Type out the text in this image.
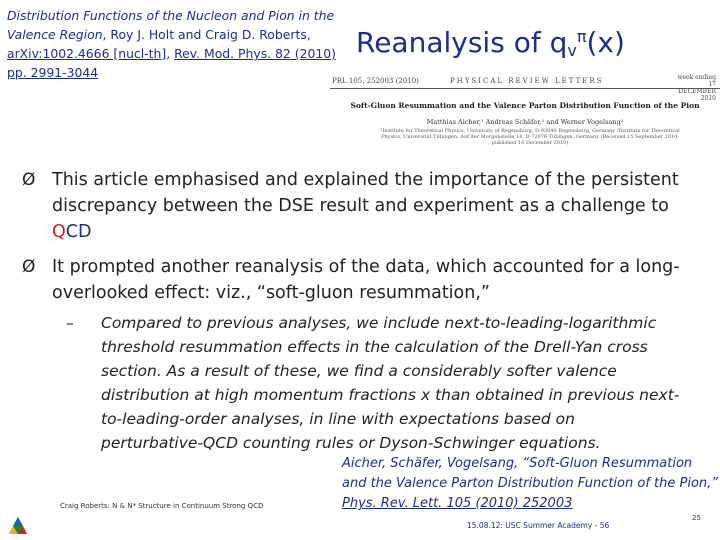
Distribution Functions of the Nucleon and Pion in the Valence Region, Roy J. Holt and Craig D. Roberts, arXiv:1002.4666 [nucl-th], Rev. Mod. Phys. 82 (2010) pp. 2991-3044
Reanalysis of $q_v^\pi(x)$
PRL 105, 252003 (2010)	PHYSICAL REVIEW LETTERS	week ending 17 DECEMBER 2010
Soft-Gluon Resummation and the Valence Parton Distribution Function of the Pion
Matthias Aicher,¹ Andreas Schäfer,¹ and Werner Vogelsang²
¹Institute for Theoretical Physics, University of Regensburg, D-93040 Regensburg, Germany ²Institute for Theoretical Physics, Universität Tübingen, Auf der Morgenstelle 14, D-72076 Tübingen, Germany (Received 15 September 2010; published 16 December 2010)
Ø This article emphasised and explained the importance of the persistent discrepancy between the DSE result and experiment as a challenge to QCD
Ø It prompted another reanalysis of the data, which accounted for a long-overlooked effect: viz., “soft-gluon resummation,”
– Compared to previous analyses, we include next-to-leading-logarithmic threshold resummation effects in the calculation of the Drell-Yan cross section. As a result of these, we find a considerably softer valence distribution at high momentum fractions x than obtained in previous next-to-leading-order analyses, in line with expectations based on perturbative-QCD counting rules or Dyson-Schwinger equations.
Aicher, Schäfer, Vogelsang, “Soft-Gluon Resummation and the Valence Parton Distribution Function of the Pion,” Phys. Rev. Lett. 105 (2010) 252003
Craig Roberts: N & N* Structure in Continuum Strong QCD
15.08.12: USC Summer Academy - 56
25
